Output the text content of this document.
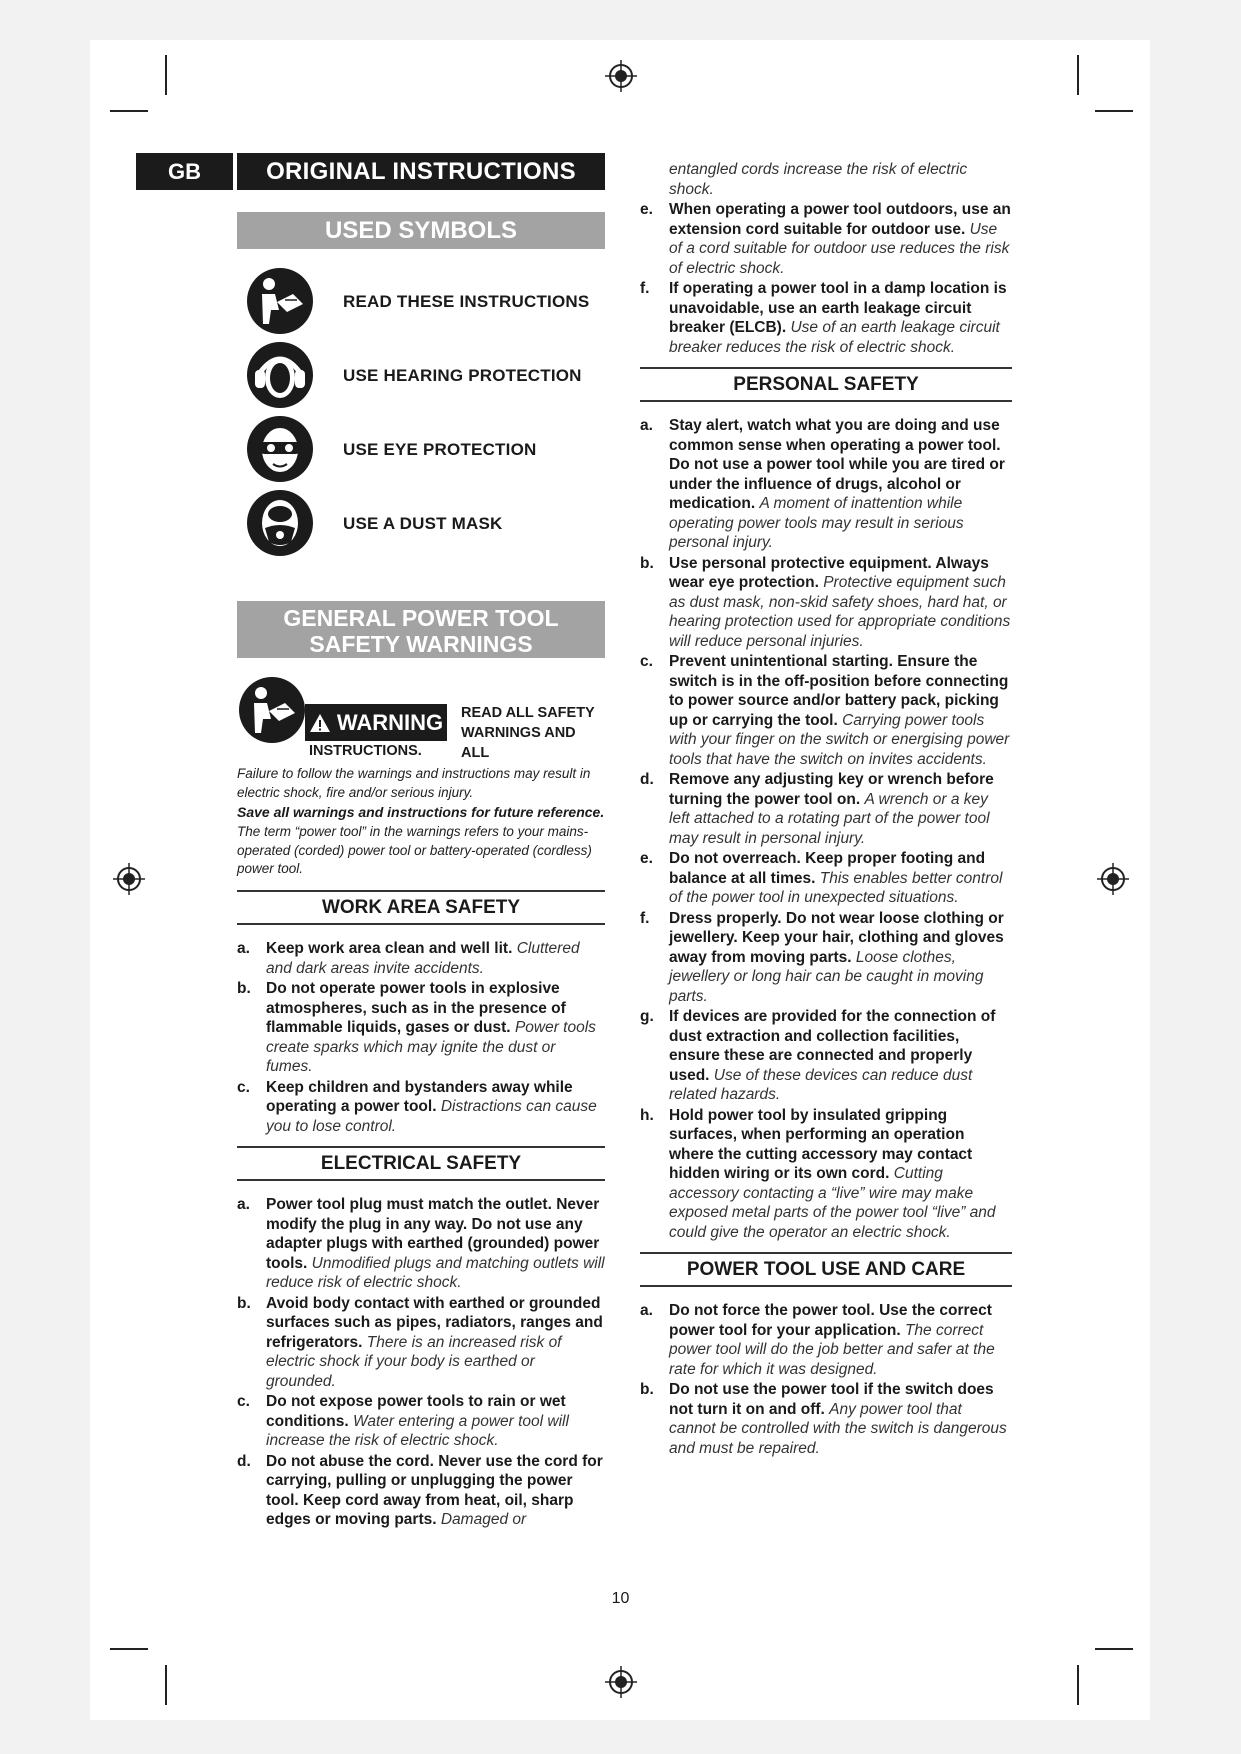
GB	ORIGINAL INSTRUCTIONS
USED SYMBOLS
READ THESE INSTRUCTIONS
USE HEARING PROTECTION
USE EYE PROTECTION
USE A DUST MASK
GENERAL POWER TOOL
SAFETY WARNINGS
WARNING READ ALL SAFETY WARNINGS AND ALL
INSTRUCTIONS.
Failure to follow the warnings and instructions may result in electric shock, fire and/or serious injury.
Save all warnings and instructions for future reference.
The term “power tool” in the warnings refers to your mains-operated (corded) power tool or battery-operated (cordless) power tool.
WORK AREA SAFETY
a. Keep work area clean and well lit. Cluttered and dark areas invite accidents.
b. Do not operate power tools in explosive atmospheres, such as in the presence of flammable liquids, gases or dust. Power tools create sparks which may ignite the dust or fumes.
c. Keep children and bystanders away while operating a power tool. Distractions can cause you to lose control.
ELECTRICAL SAFETY
a. Power tool plug must match the outlet. Never modify the plug in any way. Do not use any adapter plugs with earthed (grounded) power tools. Unmodified plugs and matching outlets will reduce risk of electric shock.
b. Avoid body contact with earthed or grounded surfaces such as pipes, radiators, ranges and refrigerators. There is an increased risk of electric shock if your body is earthed or grounded.
c. Do not expose power tools to rain or wet conditions. Water entering a power tool will increase the risk of electric shock.
d. Do not abuse the cord. Never use the cord for carrying, pulling or unplugging the power tool. Keep cord away from heat, oil, sharp edges or moving parts. Damaged or
entangled cords increase the risk of electric shock.
e. When operating a power tool outdoors, use an extension cord suitable for outdoor use. Use of a cord suitable for outdoor use reduces the risk of electric shock.
f. If operating a power tool in a damp location is unavoidable, use an earth leakage circuit breaker (ELCB). Use of an earth leakage circuit breaker reduces the risk of electric shock.
PERSONAL SAFETY
a. Stay alert, watch what you are doing and use common sense when operating a power tool. Do not use a power tool while you are tired or under the influence of drugs, alcohol or medication. A moment of inattention while operating power tools may result in serious personal injury.
b. Use personal protective equipment. Always wear eye protection. Protective equipment such as dust mask, non-skid safety shoes, hard hat, or hearing protection used for appropriate conditions will reduce personal injuries.
c. Prevent unintentional starting. Ensure the switch is in the off-position before connecting to power source and/or battery pack, picking up or carrying the tool. Carrying power tools with your finger on the switch or energising power tools that have the switch on invites accidents.
d. Remove any adjusting key or wrench before turning the power tool on. A wrench or a key left attached to a rotating part of the power tool may result in personal injury.
e. Do not overreach. Keep proper footing and balance at all times. This enables better control of the power tool in unexpected situations.
f. Dress properly. Do not wear loose clothing or jewellery. Keep your hair, clothing and gloves away from moving parts. Loose clothes, jewellery or long hair can be caught in moving parts.
g. If devices are provided for the connection of dust extraction and collection facilities, ensure these are connected and properly used. Use of these devices can reduce dust related hazards.
h. Hold power tool by insulated gripping surfaces, when performing an operation where the cutting accessory may contact hidden wiring or its own cord. Cutting accessory contacting a “live” wire may make exposed metal parts of the power tool “live” and could give the operator an electric shock.
POWER TOOL USE AND CARE
a. Do not force the power tool. Use the correct power tool for your application. The correct power tool will do the job better and safer at the rate for which it was designed.
b. Do not use the power tool if the switch does not turn it on and off. Any power tool that cannot be controlled with the switch is dangerous and must be repaired.
10
